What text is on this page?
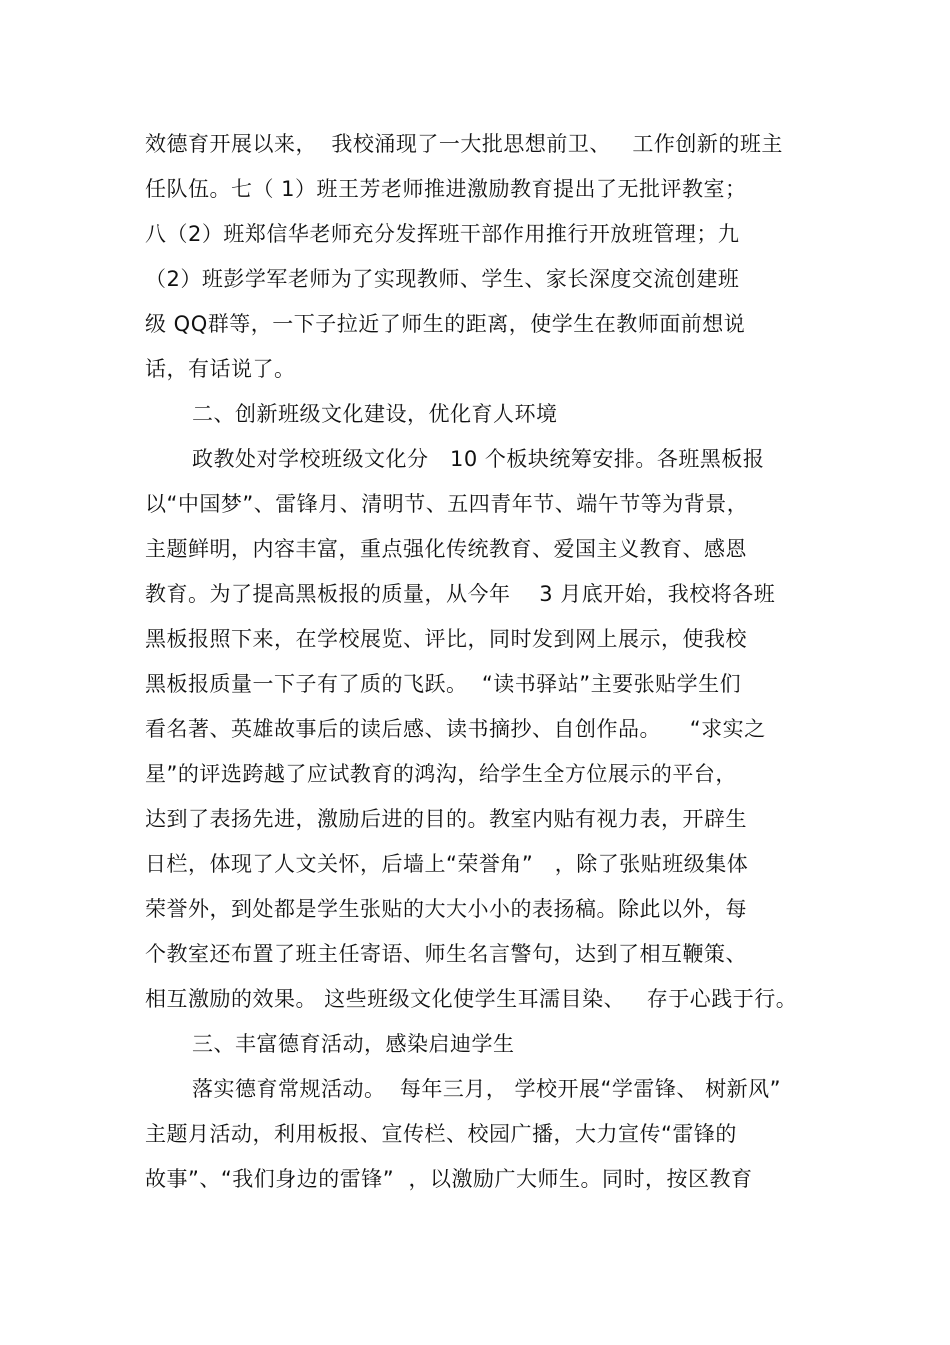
效德育开展以来，  我校涌现了一大批思想前卫、   工作创新的班主
任队伍。七（ 1）班王芳老师推进激励教育提出了无批评教室；
八（2）班郑信华老师充分发挥班干部作用推行开放班管理；九
（2）班彭学军老师为了实现教师、学生、家长深度交流创建班
级 QQ群等，一下子拉近了师生的距离，使学生在教师面前想说
话，有话说了。
二、创新班级文化建设，优化育人环境
政教处对学校班级文化分   10 个板块统筹安排。各班黑板报
以“中国梦”、雷锋月、清明节、五四青年节、端午节等为背景，
主题鲜明，内容丰富，重点强化传统教育、爱国主义教育、感恩
教育。为了提高黑板报的质量，从今年    3 月底开始，我校将各班
黑板报照下来，在学校展览、评比，同时发到网上展示，使我校
黑板报质量一下子有了质的飞跃。  “读书驿站”主要张贴学生们
看名著、英雄故事后的读后感、读书摘抄、自创作品。    “求实之
星”的评选跨越了应试教育的鸿沟，给学生全方位展示的平台，
达到了表扬先进，激励后进的目的。教室内贴有视力表，开辟生
日栏，体现了人文关怀，后墙上“荣誉角”   ，除了张贴班级集体
荣誉外，到处都是学生张贴的大大小小的表扬稿。除此以外，每
个教室还布置了班主任寄语、师生名言警句，达到了相互鞭策、
相互激励的效果。 这些班级文化使学生耳濡目染、   存于心践于行。
三、丰富德育活动，感染启迪学生
落实德育常规活动。  每年三月， 学校开展“学雷锋、 树新风”
主题月活动，利用板报、宣传栏、校园广播，大力宣传“雷锋的
故事”、“我们身边的雷锋”  ，以激励广大师生。同时，按区教育
